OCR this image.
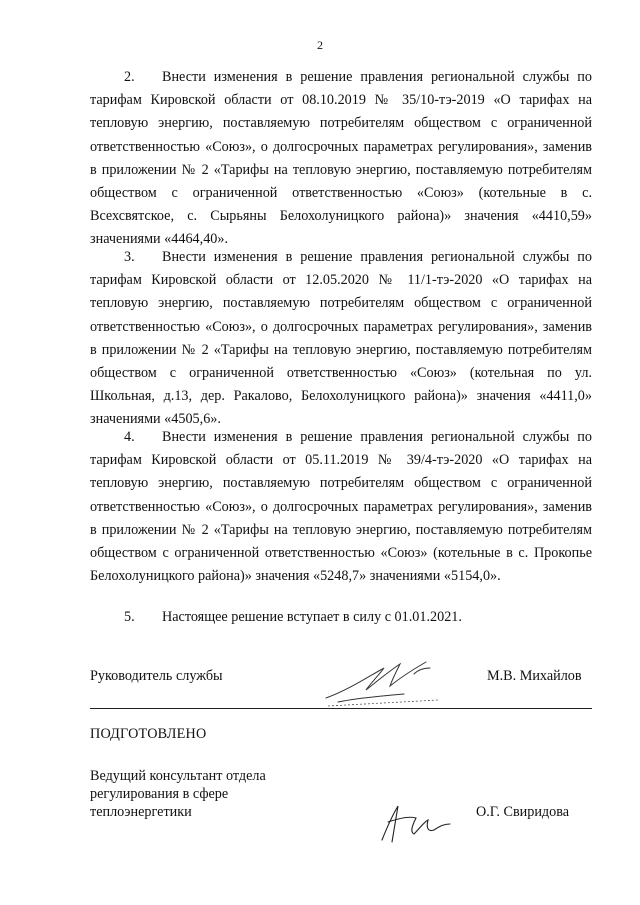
2
2. Внести изменения в решение правления региональной службы по тарифам Кировской области от 08.10.2019 № 35/10-тэ-2019 «О тарифах на тепловую энергию, поставляемую потребителям обществом с ограниченной ответственностью «Союз», о долгосрочных параметрах регулирования», заменив в приложении № 2 «Тарифы на тепловую энергию, поставляемую потребителям обществом с ограниченной ответственностью «Союз» (котельные в с. Всехсвятское, с. Сырьяны Белохолуницкого района)» значения «4410,59» значениями «4464,40».
3. Внести изменения в решение правления региональной службы по тарифам Кировской области от 12.05.2020 № 11/1-тэ-2020 «О тарифах на тепловую энергию, поставляемую потребителям обществом с ограниченной ответственностью «Союз», о долгосрочных параметрах регулирования», заменив в приложении № 2 «Тарифы на тепловую энергию, поставляемую потребителям обществом с ограниченной ответственностью «Союз» (котельная по ул. Школьная, д.13, дер. Ракалово, Белохолуницкого района)» значения «4411,0» значениями «4505,6».
4. Внести изменения в решение правления региональной службы по тарифам Кировской области от 05.11.2019 № 39/4-тэ-2020 «О тарифах на тепловую энергию, поставляемую потребителям обществом с ограниченной ответственностью «Союз», о долгосрочных параметрах регулирования», заменив в приложении № 2 «Тарифы на тепловую энергию, поставляемую потребителям обществом с ограниченной ответственностью «Союз» (котельные в с. Прокопье Белохолуницкого района)» значения «5248,7» значениями «5154,0».
5. Настоящее решение вступает в силу с 01.01.2021.
Руководитель службы	М.В. Михайлов
ПОДГОТОВЛЕНО
Ведущий консультант отдела
регулирования в сфере
теплоэнергетики	О.Г. Свиридова
